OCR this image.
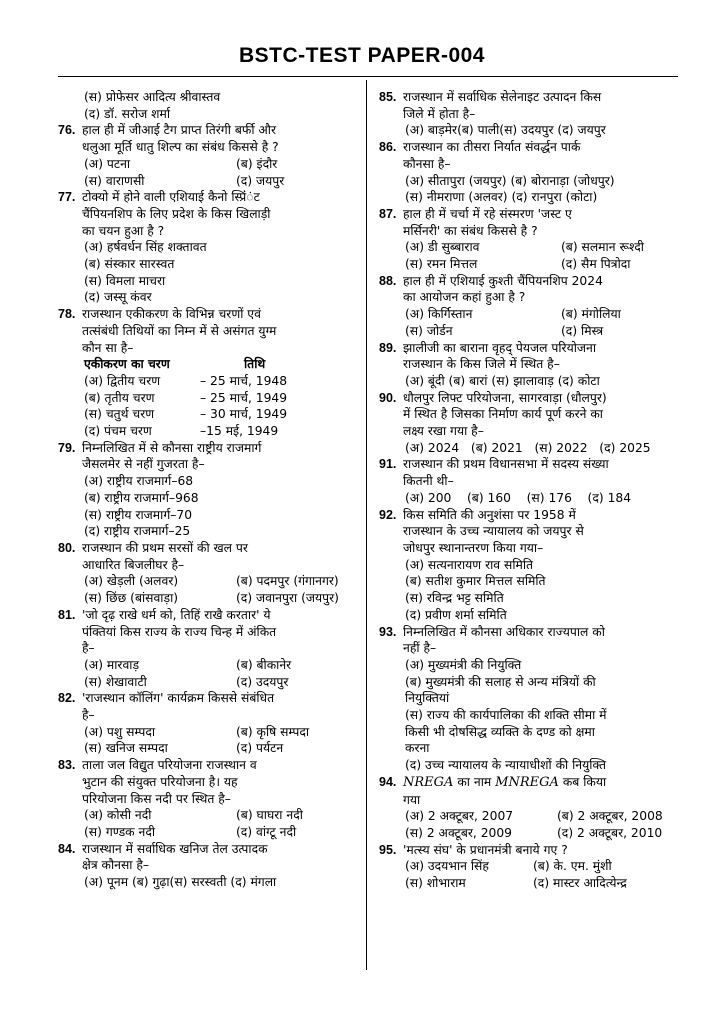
BSTC-TEST PAPER-004
(स) प्रोफेसर आदित्य श्रीवास्तव
(द) डॉ. सरोज शर्मा
76. हाल ही में जीआई टैग प्राप्त तिरंगी बर्फी और
धलुआ मूर्ति धातु शिल्प का संबंध किससे है ?
(अ) पटना	(ब) इंदौर
(स) वाराणसी	(द) जयपुर
77. टोक्यो में होने वाली एशियाई कैनो स्प्रिंंंट
चैंपियनशिप के लिए प्रदेश के किस खिलाड़ी
का चयन हुआ है ?
(अ) हर्षवर्धन सिंह शक्तावत
(ब) संस्कार सारस्वत
(स) विमला माचरा
(द) जस्सू कंवर
78. राजस्थान एकीकरण के विभिन्न चरणों एवं
तत्संबंधी तिथियों का निम्न में से असंगत युग्म
कौन सा है–
एकीकरण का चरण	तिथि
(अ) द्वितीय चरण	– 25 मार्च, 1948
(ब) तृतीय चरण	– 25 मार्च, 1949
(स) चतुर्थ चरण	– 30 मार्च, 1949
(द) पंचम चरण	–15 मई, 1949
79. निम्नलिखित में से कौनसा राष्ट्रीय राजमार्ग
जैसलमेर से नहीं गुजरता है–
(अ) राष्ट्रीय राजमार्ग–68
(ब) राष्ट्रीय राजमार्ग–968
(स) राष्ट्रीय राजमार्ग–70
(द) राष्ट्रीय राजमार्ग–25
80. राजस्थान की प्रथम सरसों की खल पर
आधारित बिजलीघर है–
(अ) खेड़ली (अलवर)	(ब) पदमपुर (गंगानगर)
(स) छिंछ (बांसवाड़ा)	(द) जवानपुरा (जयपुर)
81. 'जो दृढ़ राखे धर्म को, तिहिं राखै करतार' ये
पंक्तियां किस राज्य के राज्य चिन्ह में अंकित
है–
(अ) मारवाड़	(ब) बीकानेर
(स) शेखावाटी	(द) उदयपुर
82. 'राजस्थान कॉलिंग' कार्यक्रम किससे संबंधित
है–
(अ) पशु सम्पदा	(ब) कृषि सम्पदा
(स) खनिज सम्पदा	(द) पर्यटन
83. ताला जल विद्युत परियोजना राजस्थान व
भुटान की संयुक्त परियोजना है। यह
परियोजना किस नदी पर स्थित है–
(अ) कोसी नदी	(ब) घाघरा नदी
(स) गण्डक नदी	(द) वांग्टू नदी
84. राजस्थान में सर्वाधिक खनिज तेल उत्पादक
क्षेत्र कौनसा है–
(अ) पूनम (ब) गुढ़ा(स) सरस्वती (द) मंगला
85. राजस्थान में सर्वाधिक सेलेनाइट उत्पादन किस
जिले में होता है–
(अ) बाड़मेर(ब) पाली(स) उदयपुर (द) जयपुर
86. राजस्थान का तीसरा निर्यात संवर्द्धन पार्क
कौनसा है–
(अ) सीतापुरा (जयपुर) (ब) बोरानाड़ा (जोधपुर)
(स) नीमराणा (अलवर) (द) रानपुरा (कोटा)
87. हाल ही में चर्चा में रहे संस्मरण 'जस्ट ए
मर्सिनरी' का संबंध किससे है ?
(अ) डी सुब्बाराव	(ब) सलमान रूश्दी
(स) रमन मित्तल	(द) सैम पित्रोदा
88. हाल ही में एशियाई कुश्ती चैंपियनशिप 2024
का आयोजन कहां हुआ है ?
(अ) किर्गिस्तान	(ब) मंगोलिया
(स) जोर्डन	(द) मिस्त्र
89. झालीजी का बाराना वृहद् पेयजल परियोजना
राजस्थान के किस जिले में स्थित है–
(अ) बूंदी (ब) बारां (स) झालावाड़ (द) कोटा
90. धौलपुर लिफ्ट परियोजना, सागरवाड़ा (धौलपुर)
में स्थित है जिसका निर्माण कार्य पूर्ण करने का
लक्ष्य रखा गया है–
(अ) 2024   (ब) 2021   (स) 2022   (द) 2025
91. राजस्थान की प्रथम विधानसभा में सदस्य संख्या
कितनी थी–
(अ) 200    (ब) 160    (स) 176    (द) 184
92. किस समिति की अनुशंसा पर 1958 में
राजस्थान के उच्च न्यायालय को जयपुर से
जोधपुर स्थानान्तरण किया गया–
(अ) सत्यनारायण राव समिति
(ब) सतीश कुमार मित्तल समिति
(स) रविन्द्र भट्ट समिति
(द) प्रवीण शर्मा समिति
93. निम्नलिखित में कौनसा अधिकार राज्यपाल को
नहीं है–
(अ) मुख्यमंत्री की नियुक्ति
(ब) मुख्यमंत्री की सलाह से अन्य मंत्रियों की
नियुक्तियां
(स) राज्य की कार्यपालिका की शक्ति सीमा में
किसी भी दोषसिद्ध व्यक्ति के दण्ड को क्षमा
करना
(द) उच्च न्यायालय के न्यायाधीशों की नियुक्ति
94. NREGA का नाम MNREGA कब किया
गया
(अ) 2 अक्टूबर, 2007	(ब) 2 अक्टूबर, 2008
(स) 2 अक्टूबर, 2009	(द) 2 अक्टूबर, 2010
95. 'मत्स्य संघ' के प्रधानमंत्री बनाये गए ?
(अ) उदयभान सिंह	(ब) के. एम. मुंशी
(स) शोभाराम	(द) मास्टर आदित्येन्द्र
